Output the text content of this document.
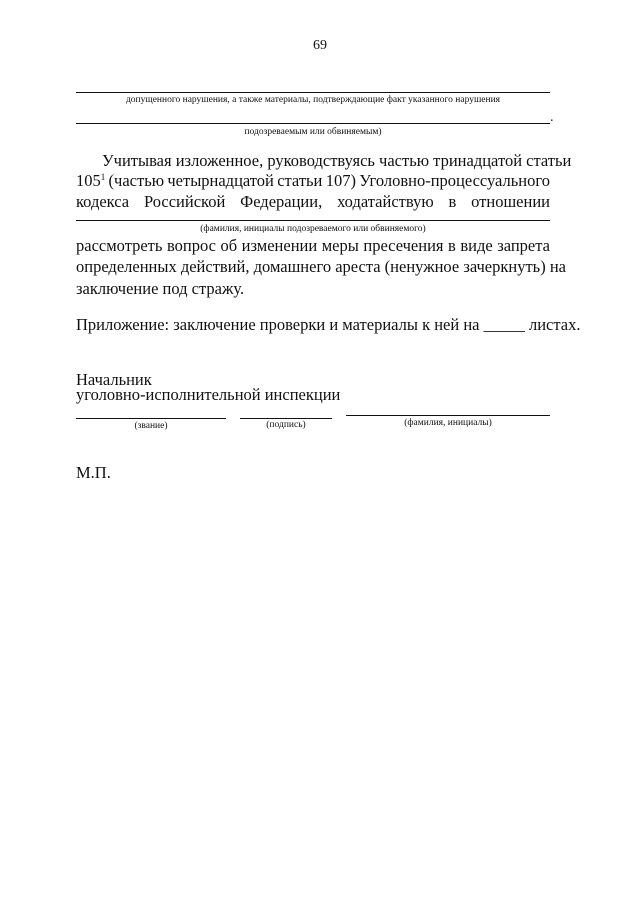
69
допущенного нарушения, а также материалы, подтверждающие факт указанного нарушения
.
подозреваемым или обвиняемым)
Учитывая изложенное, руководствуясь частью тринадцатой статьи
$105^1$ (частью четырнадцатой статьи 107) Уголовно-процессуального
кодекса Российской Федерации, ходатайствую в отношении
(фамилия, инициалы подозреваемого или обвиняемого)
рассмотреть вопрос об изменении меры пресечения в виде запрета
определенных действий, домашнего ареста (ненужное зачеркнуть) на
заключение под стражу.
Приложение: заключение проверки и материалы к ней на _____ листах.
Начальник
уголовно-исполнительной инспекции
(звание)	(подпись)	(фамилия, инициалы)
М.П.
